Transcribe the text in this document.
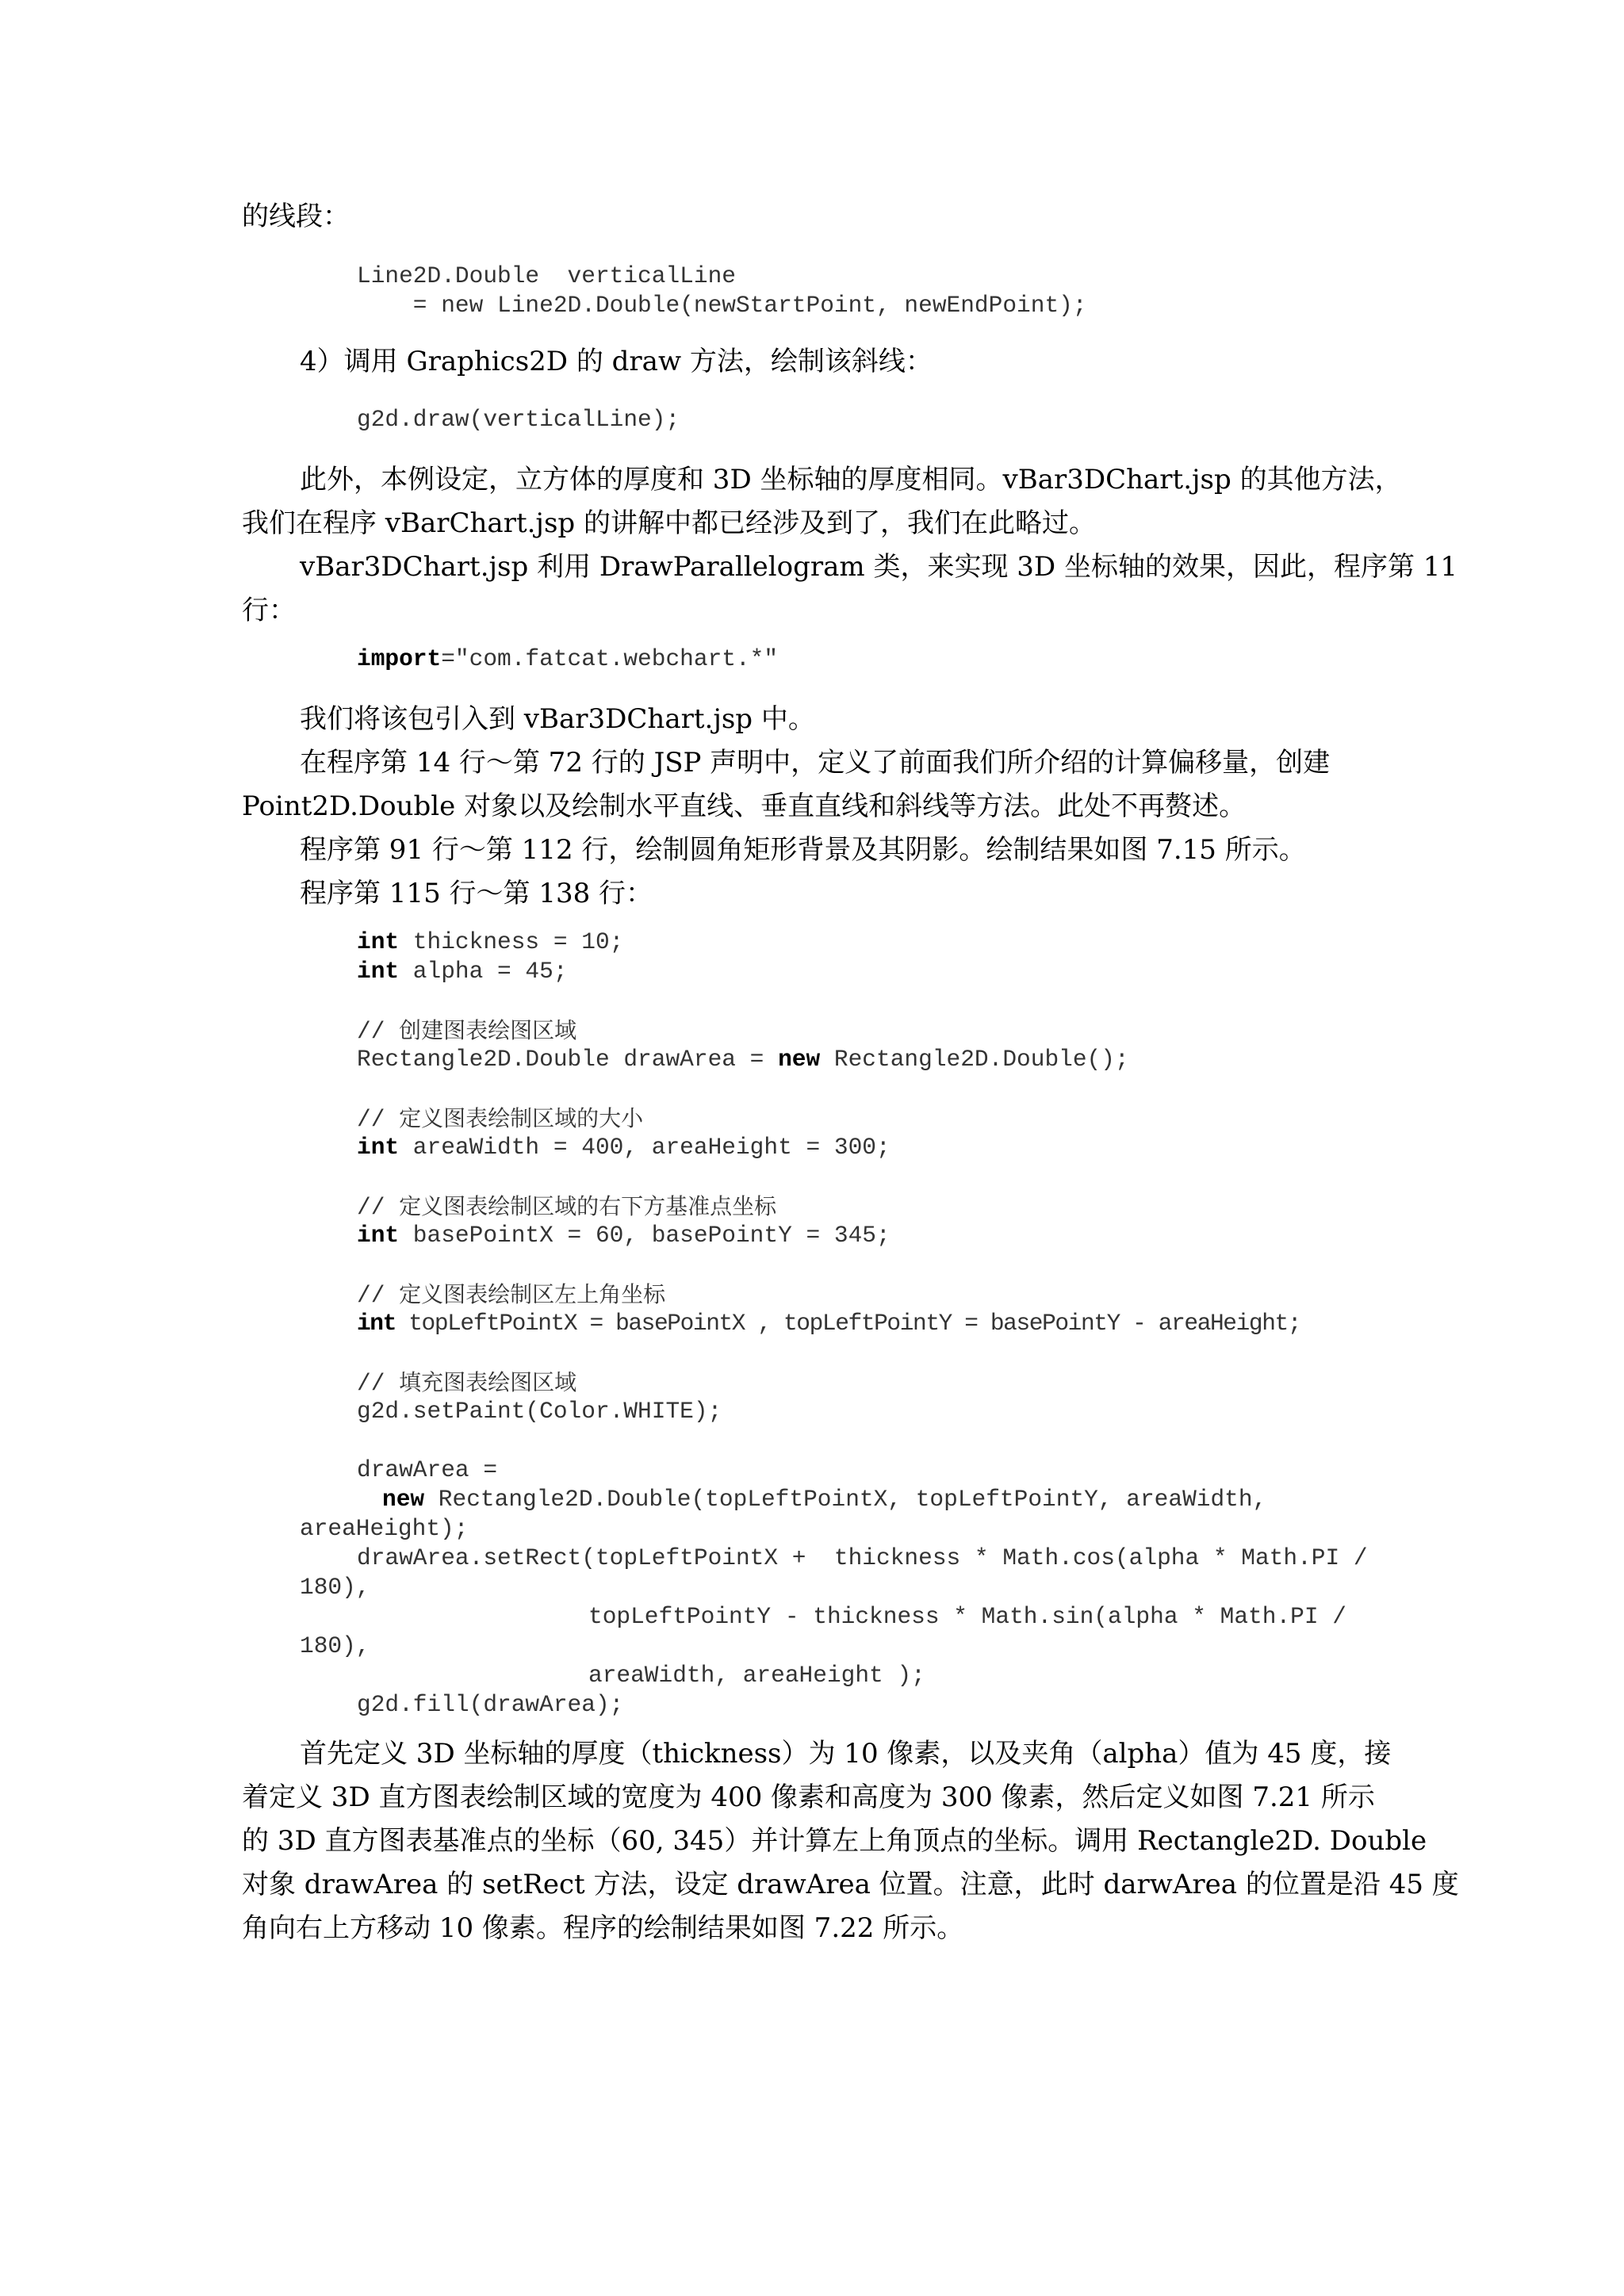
的线段：
Line2D.Double  verticalLine
= new Line2D.Double(newStartPoint, newEndPoint);
4）调用 Graphics2D 的 draw 方法，绘制该斜线：
g2d.draw(verticalLine);
此外，本例设定，立方体的厚度和 3D 坐标轴的厚度相同。vBar3DChart.jsp 的其他方法，
我们在程序 vBarChart.jsp 的讲解中都已经涉及到了，我们在此略过。
vBar3DChart.jsp 利用 DrawParallelogram 类，来实现 3D 坐标轴的效果，因此，程序第 11
行：
import="com.fatcat.webchart.*"
我们将该包引入到 vBar3DChart.jsp 中。
在程序第 14 行～第 72 行的 JSP 声明中，定义了前面我们所介绍的计算偏移量，创建
Point2D.Double 对象以及绘制水平直线、垂直直线和斜线等方法。此处不再赘述。
程序第 91 行～第 112 行，绘制圆角矩形背景及其阴影。绘制结果如图 7.15 所示。
程序第 115 行～第 138 行：
int thickness = 10;
int alpha = 45;
// 创建图表绘图区域
Rectangle2D.Double drawArea = new Rectangle2D.Double();
// 定义图表绘制区域的大小
int areaWidth = 400, areaHeight = 300;
// 定义图表绘制区域的右下方基准点坐标
int basePointX = 60, basePointY = 345;
// 定义图表绘制区左上角坐标
int topLeftPointX = basePointX , topLeftPointY = basePointY - areaHeight;
// 填充图表绘图区域
g2d.setPaint(Color.WHITE);
drawArea =
new Rectangle2D.Double(topLeftPointX, topLeftPointY, areaWidth,
areaHeight);
drawArea.setRect(topLeftPointX +  thickness * Math.cos(alpha * Math.PI /
180),
topLeftPointY - thickness * Math.sin(alpha * Math.PI /
180),
areaWidth, areaHeight );
g2d.fill(drawArea);
首先定义 3D 坐标轴的厚度（thickness）为 10 像素，以及夹角（alpha）值为 45 度，接
着定义 3D 直方图表绘制区域的宽度为 400 像素和高度为 300 像素，然后定义如图 7.21 所示
的 3D 直方图表基准点的坐标（60, 345）并计算左上角顶点的坐标。调用 Rectangle2D. Double
对象 drawArea 的 setRect 方法，设定 drawArea 位置。注意，此时 darwArea 的位置是沿 45 度
角向右上方移动 10 像素。程序的绘制结果如图 7.22 所示。
